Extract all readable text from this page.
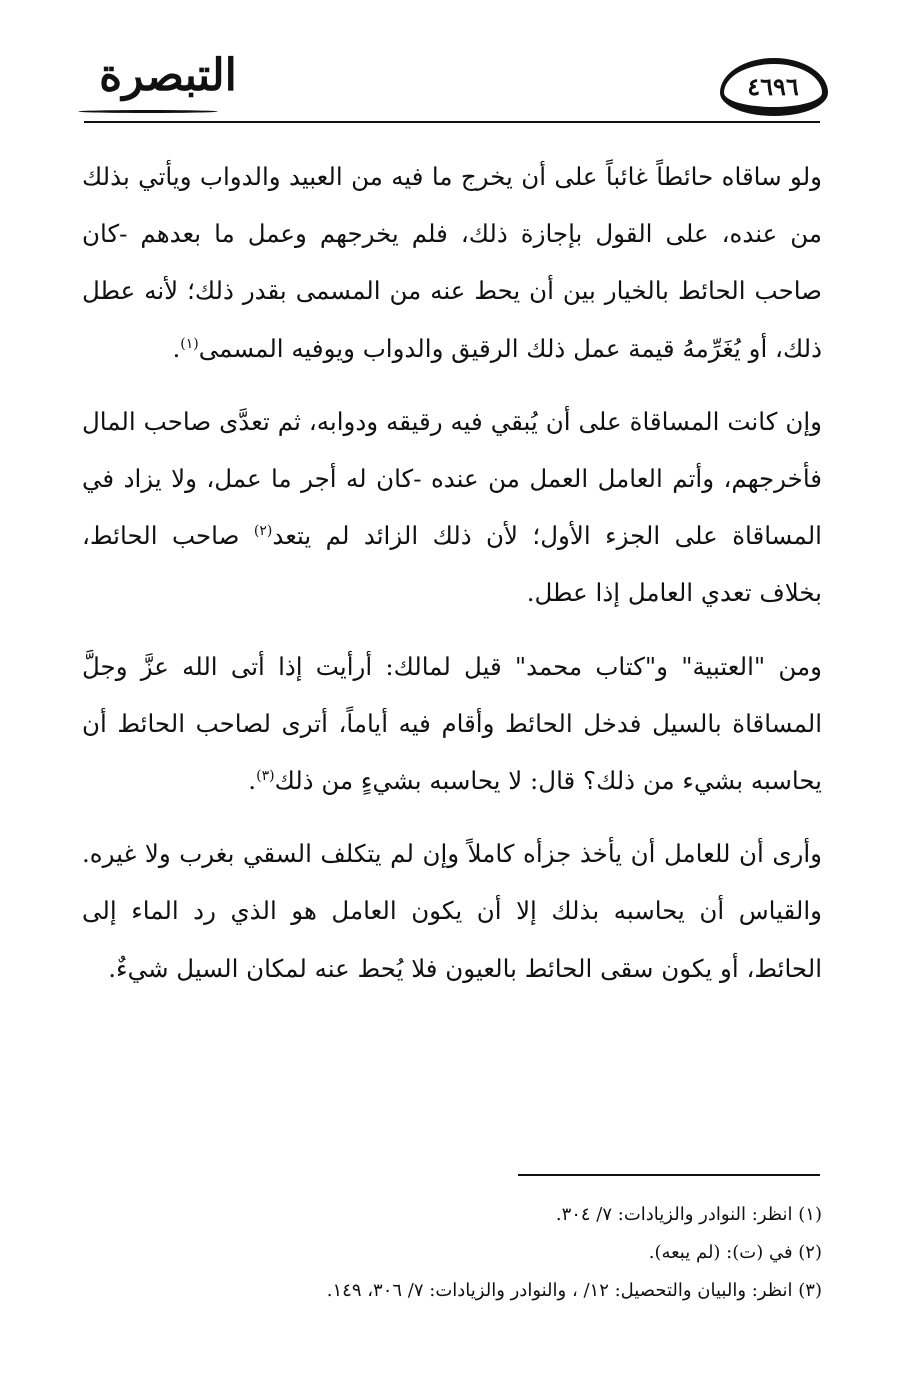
التبصرة	٤٦٩٦

ولو ساقاه حائطاً غائباً على أن يخرج ما فيه من العبيد والدواب ويأتي بذلك من عنده، على القول بإجازة ذلك، فلم يخرجهم وعمل ما بعدهم -كان صاحب الحائط بالخيار بين أن يحط عنه من المسمى بقدر ذلك؛ لأنه عطل ذلك، أو يُغَرِّمهُ قيمة عمل ذلك الرقيق والدواب ويوفيه المسمى$^{(١)}$.

وإن كانت المساقاة على أن يُبقي فيه رقيقه ودوابه، ثم تعدَّى صاحب المال فأخرجهم، وأتم العامل العمل من عنده -كان له أجر ما عمل، ولا يزاد في المساقاة على الجزء الأول؛ لأن ذلك الزائد لم يتعد$^{(٢)}$ صاحب الحائط، بخلاف تعدي العامل إذا عطل.

ومن "العتبية" و"كتاب محمد" قيل لمالك: أرأيت إذا أتى الله عزَّ وجلَّ المساقاة بالسيل فدخل الحائط وأقام فيه أياماً، أترى لصاحب الحائط أن يحاسبه بشيء من ذلك؟ قال: لا يحاسبه بشيءٍ من ذلك$^{(٣)}$.

وأرى أن للعامل أن يأخذ جزأه كاملاً وإن لم يتكلف السقي بغرب ولا غيره. والقياس أن يحاسبه بذلك إلا أن يكون العامل هو الذي رد الماء إلى الحائط، أو يكون سقى الحائط بالعيون فلا يُحط عنه لمكان السيل شيءٌ.

(١) انظر: النوادر والزيادات: ٧/ ٣٠٤.

(٢) في (ت): (لم يبعه).

(٣) انظر: والبيان والتحصيل: ١٢/ ، والنوادر والزيادات: ٧/ ٣٠٦، ١٤٩.
